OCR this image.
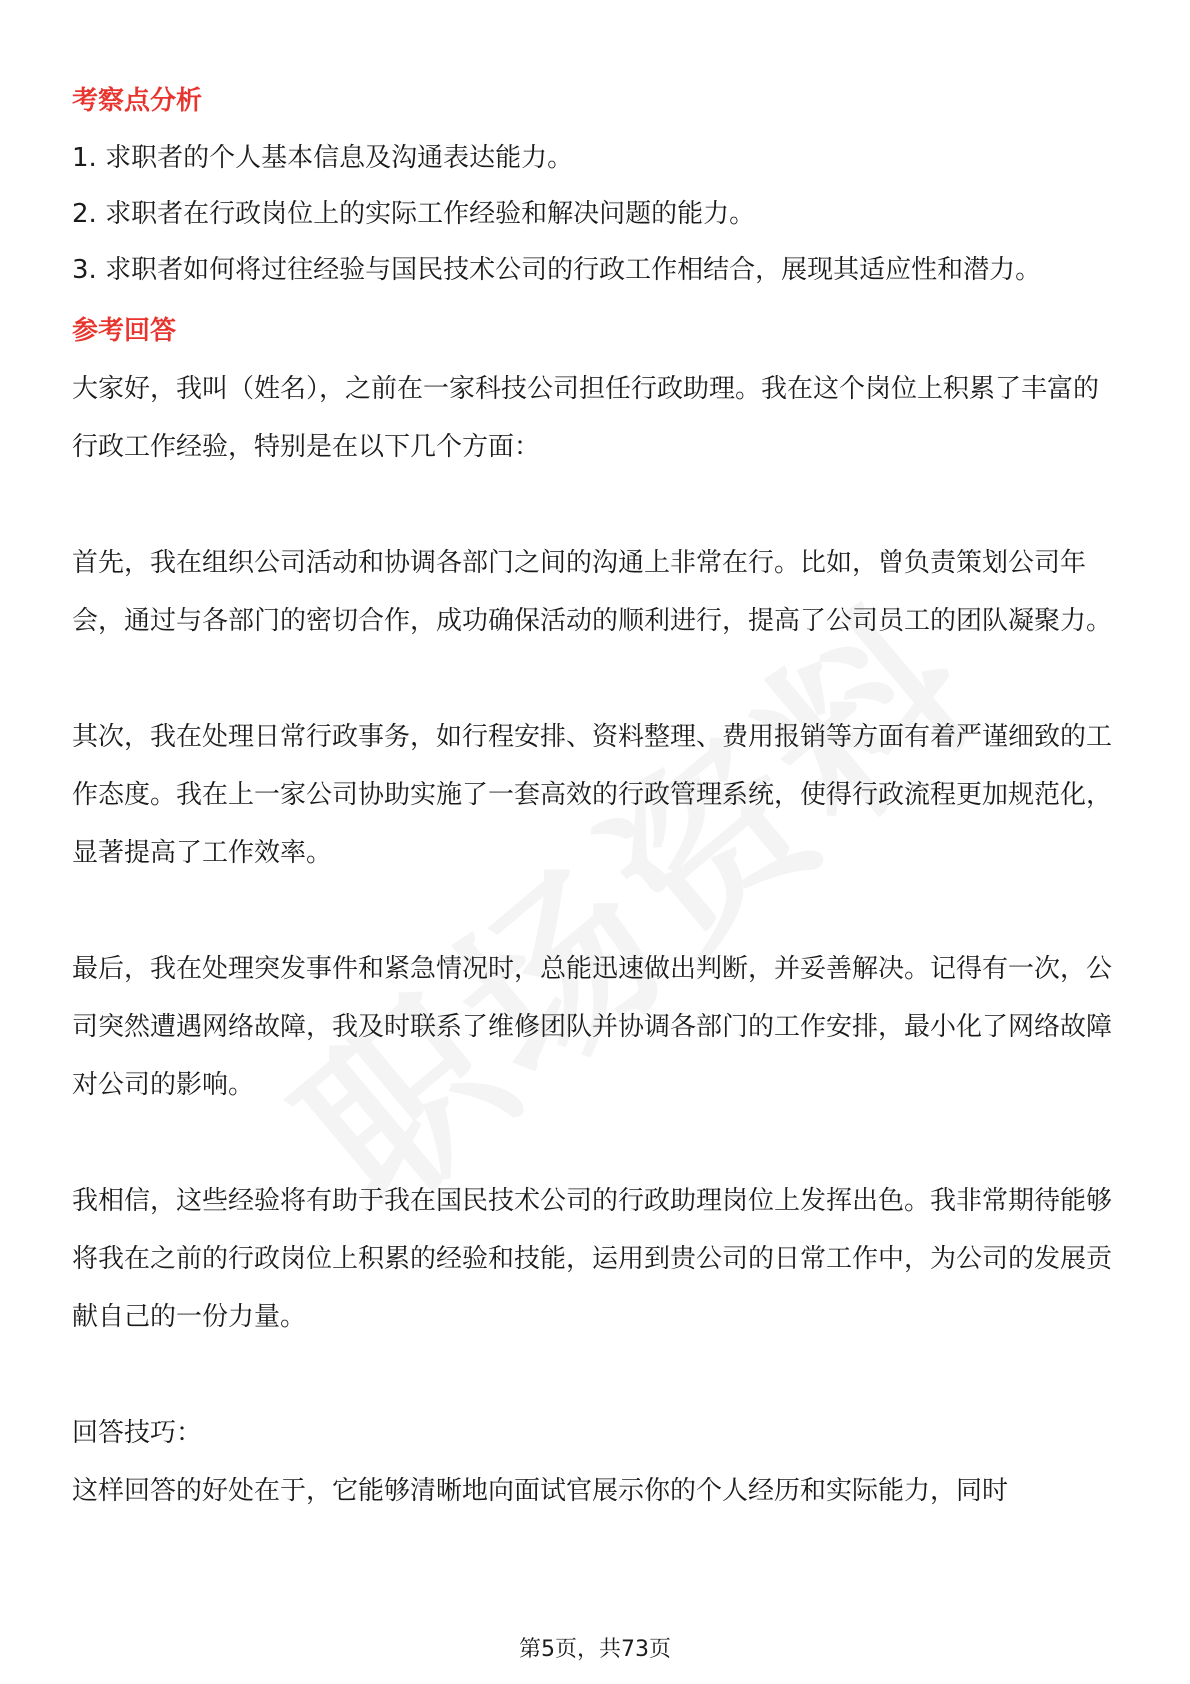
考察点分析

1. 求职者的个人基本信息及沟通表达能力。

2. 求职者在行政岗位上的实际工作经验和解决问题的能力。

3. 求职者如何将过往经验与国民技术公司的行政工作相结合，展现其适应性和潜力。

参考回答

大家好，我叫（姓名），之前在一家科技公司担任行政助理。我在这个岗位上积累了丰富的行政工作经验，特别是在以下几个方面：

首先，我在组织公司活动和协调各部门之间的沟通上非常在行。比如，曾负责策划公司年会，通过与各部门的密切合作，成功确保活动的顺利进行，提高了公司员工的团队凝聚力。

其次，我在处理日常行政事务，如行程安排、资料整理、费用报销等方面有着严谨细致的工作态度。我在上一家公司协助实施了一套高效的行政管理系统，使得行政流程更加规范化，显著提高了工作效率。

最后，我在处理突发事件和紧急情况时，总能迅速做出判断，并妥善解决。记得有一次，公司突然遭遇网络故障，我及时联系了维修团队并协调各部门的工作安排，最小化了网络故障对公司的影响。

我相信，这些经验将有助于我在国民技术公司的行政助理岗位上发挥出色。我非常期待能够将我在之前的行政岗位上积累的经验和技能，运用到贵公司的日常工作中，为公司的发展贡献自己的一份力量。

回答技巧：

这样回答的好处在于，它能够清晰地向面试官展示你的个人经历和实际能力，同时

第5页，共73页
